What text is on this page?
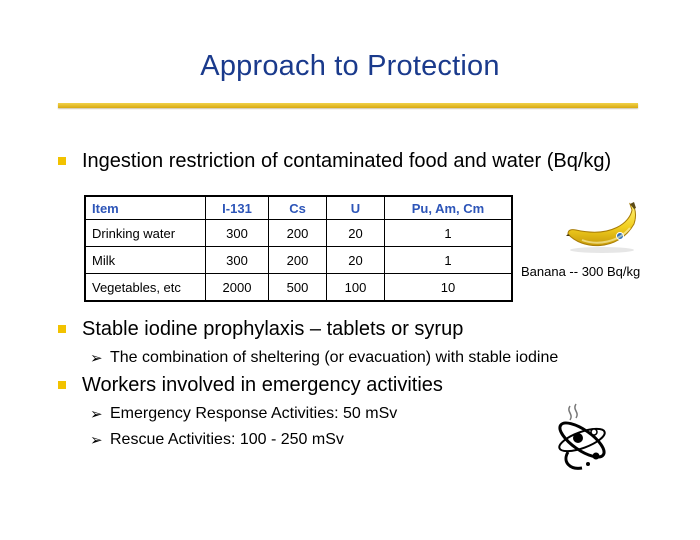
Approach to Protection
Ingestion restriction of contaminated food and water (Bq/kg)
Item	I-131	Cs	U	Pu, Am, Cm
Drinking water	300	200	20	1
Milk	300	200	20	1
Vegetables, etc	2000	500	100	10
Banana -- 300 Bq/kg
Stable iodine prophylaxis – tablets or syrup
➢ The combination of sheltering (or evacuation) with stable iodine
Workers involved in emergency activities
➢ Emergency Response Activities: 50 mSv
➢ Rescue Activities: 100 - 250 mSv
